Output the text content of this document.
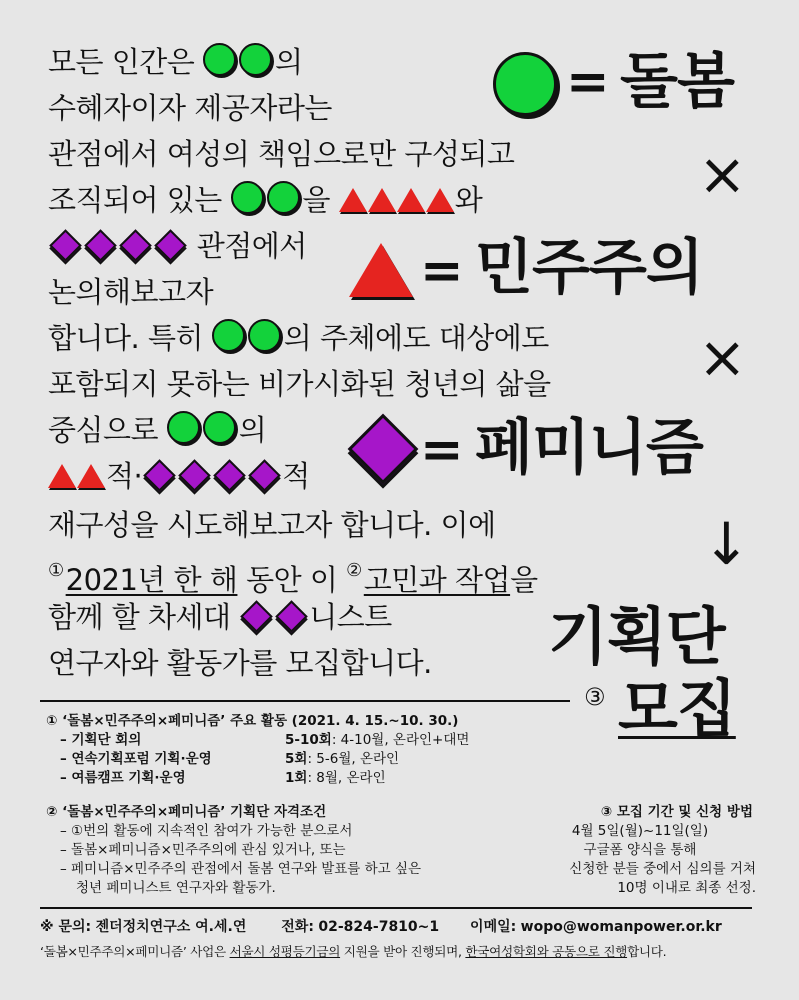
모든 인간은 의
수혜자이자 제공자라는
관점에서 여성의 책임으로만 구성되고
조직되어 있는 을	와
관점에서
논의해보고자
합니다. 특히 의 주체에도 대상에도
포함되지 못하는 비가시화된 청년의 삶을
중심으로 의
적·	적
재구성을 시도해보고자 합니다. 이에
①2021년 한 해 동안 이 ②고민과 작업을
함께 할 차세대 니스트
연구자와 활동가를 모집합니다.
= 돌봄
×
= 민주주의
×
= 페미니즘
↓
기획단
③ 모집
① ‘돌봄×민주주의×페미니즘’ 주요 활동 (2021. 4. 15.~10. 30.)
– 기획단 회의	5-10회: 4-10월, 온라인+대면
– 연속기획포럼 기획·운영	5회: 5-6월, 온라인
– 여름캠프 기획·운영	1회: 8월, 온라인
② ‘돌봄×민주주의×페미니즘’ 기획단 자격조건
– ①번의 활동에 지속적인 참여가 가능한 분으로서
– 돌봄×페미니즘×민주주의에 관심 있거나, 또는
– 페미니즘×민주주의 관점에서 돌봄 연구와 발표를 하고 싶은
청년 페미니스트 연구자와 활동가.
③ 모집 기간 및 신청 방법
4월 5일(월)~11일(일)
구글폼 양식을 통해
신청한 분들 중에서 심의를 거쳐
10명 이내로 최종 선정.
※ 문의: 젠더정치연구소 여.세.연 전화: 02-824-7810~1 이메일: wopo@womanpower.or.kr
‘돌봄×민주주의×페미니즘’ 사업은 서울시 성평등기금의 지원을 받아 진행되며, 한국여성학회와 공동으로 진행합니다.
